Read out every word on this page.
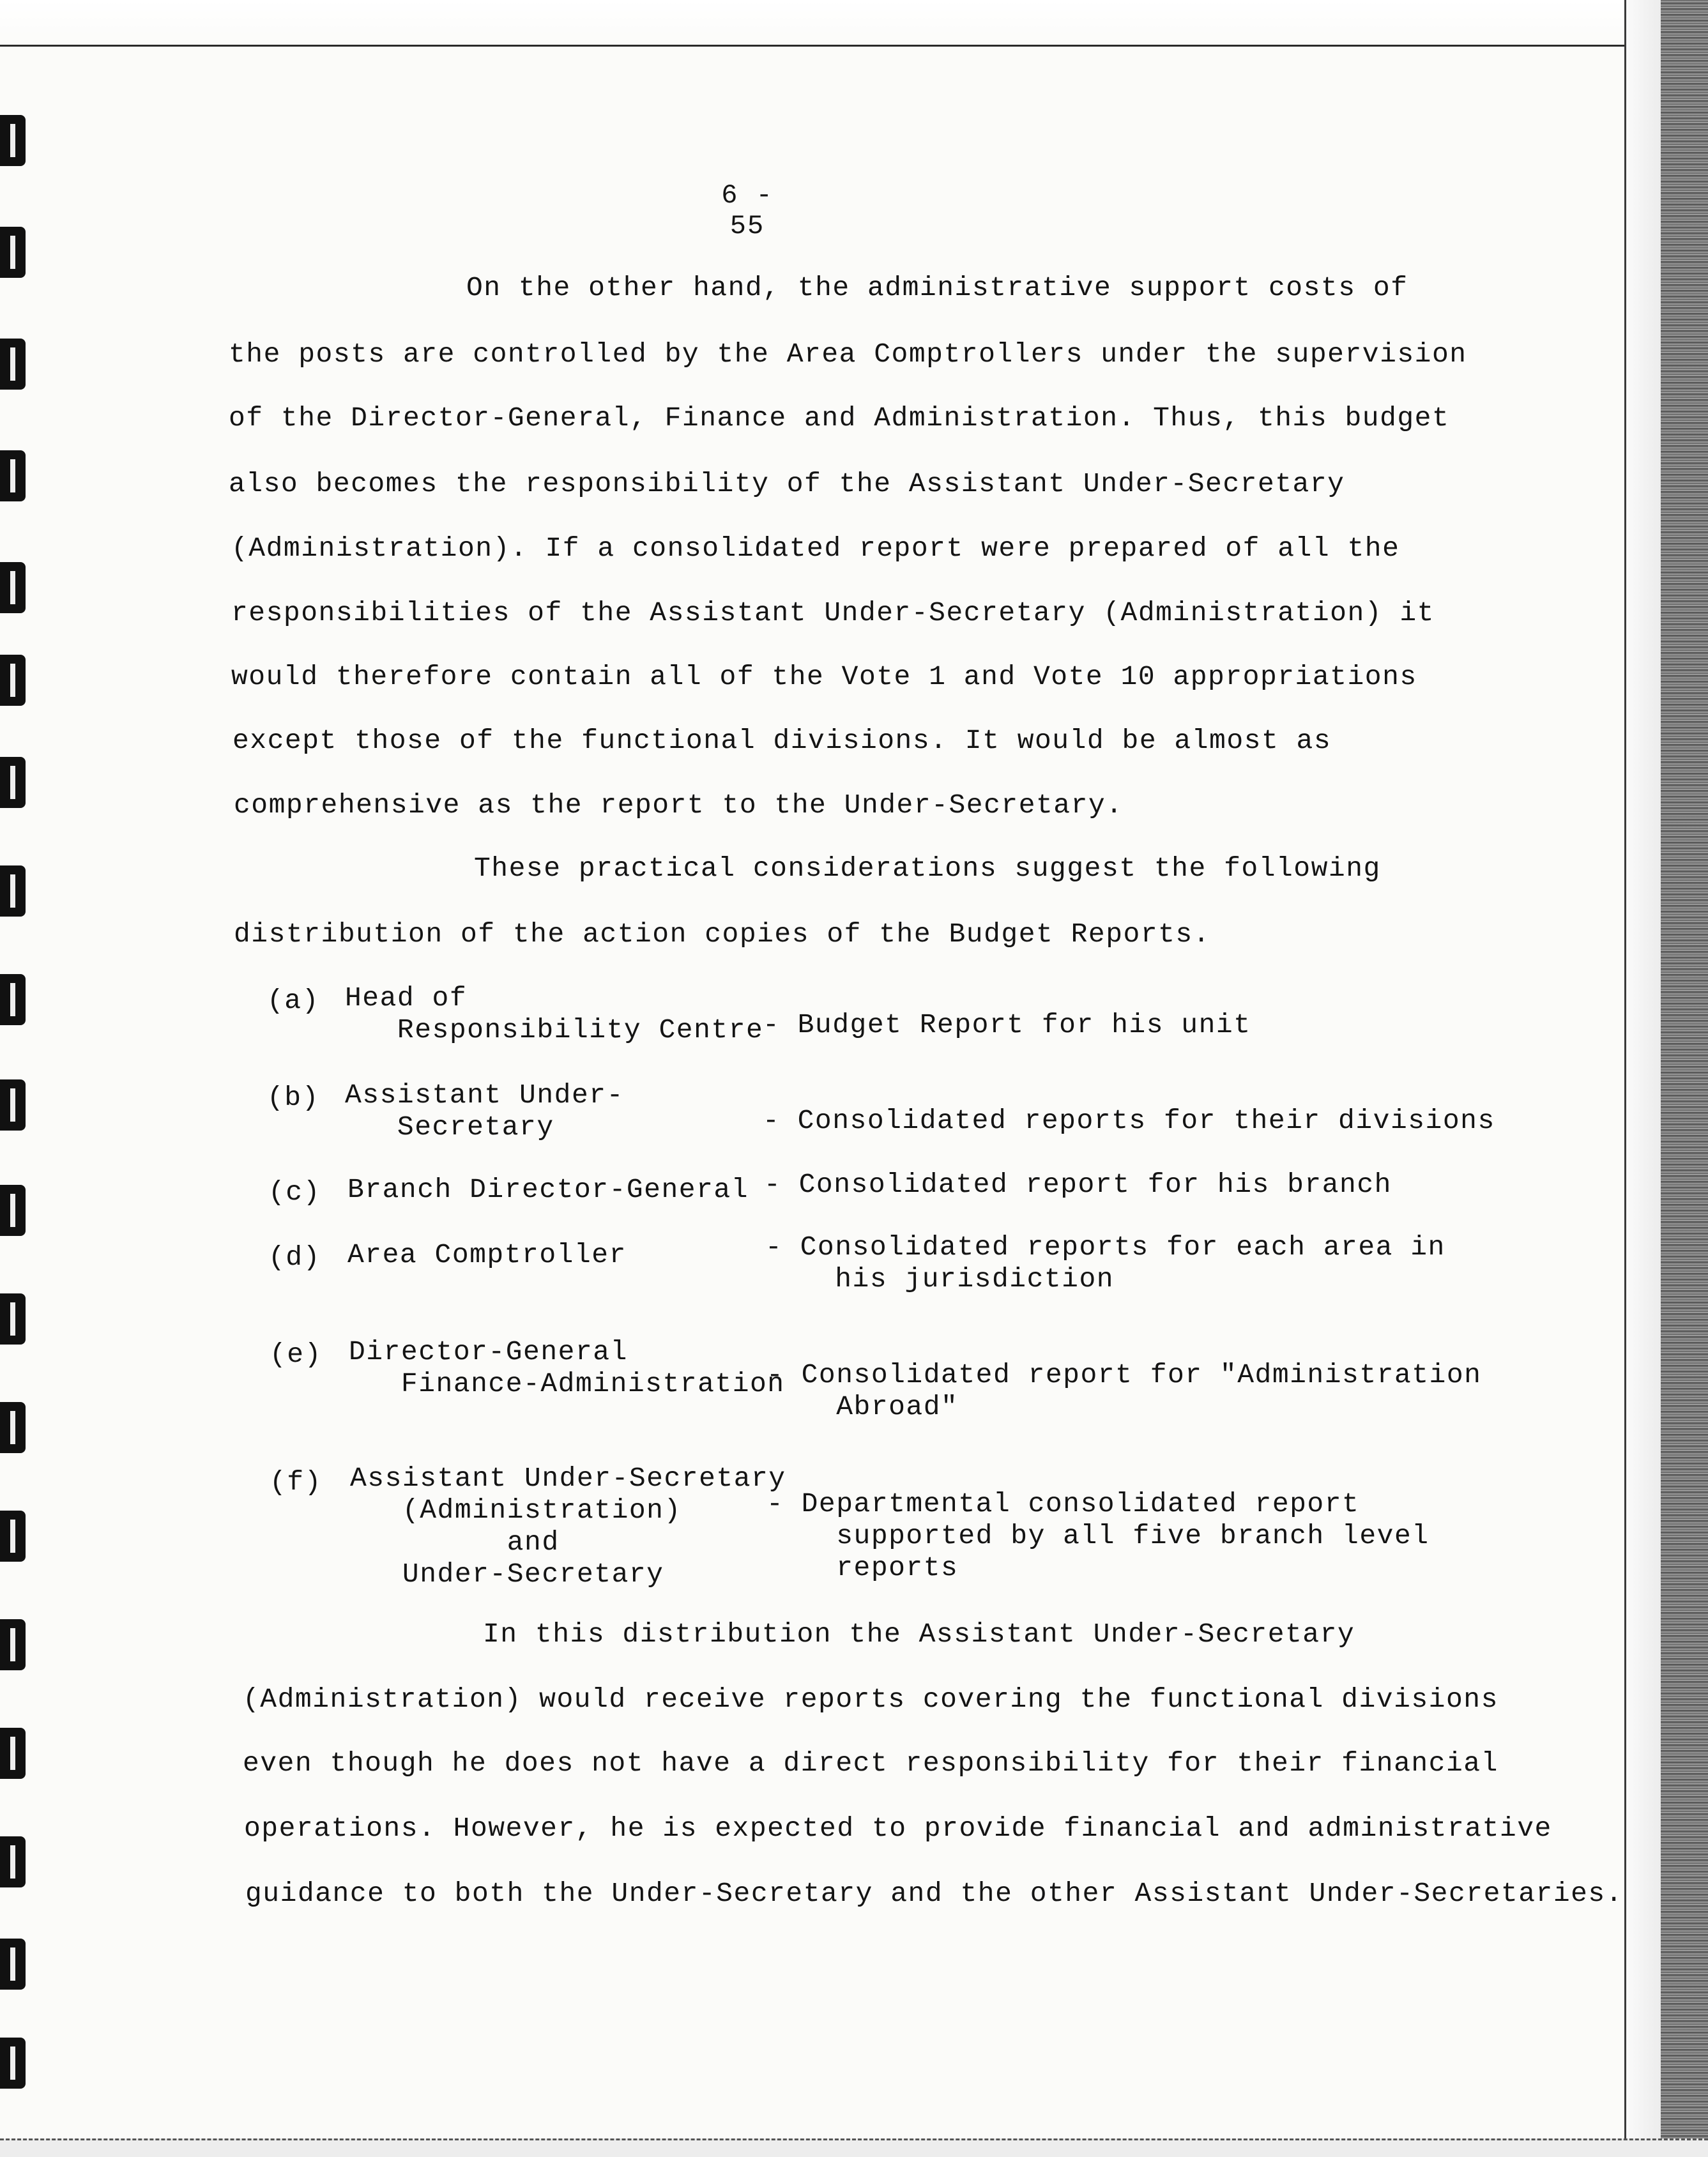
6 - 55
On the other hand, the administrative support costs of
the posts are controlled by the Area Comptrollers under the supervision
of the Director-General, Finance and Administration. Thus, this budget
also becomes the responsibility of the Assistant Under-Secretary
(Administration). If a consolidated report were prepared of all the
responsibilities of the Assistant Under-Secretary (Administration) it
would therefore contain all of the Vote 1 and Vote 10 appropriations
except those of the functional divisions. It would be almost as
comprehensive as the report to the Under-Secretary.
These practical considerations suggest the following
distribution of the action copies of the Budget Reports.
(a) Head of
Responsibility Centre
- Budget Report for his unit
(b) Assistant Under-
Secretary	- Consolidated reports for their divisions
(c) Branch Director-General - Consolidated report for his branch
(d) Area Comptroller	- Consolidated reports for each area in
his jurisdiction
(e) Director-General
Finance-Administration
- Consolidated report for "Administration
Abroad"
(f) Assistant Under-Secretary
(Administration)
and
Under-Secretary
- Departmental consolidated report
supported by all five branch level
reports
In this distribution the Assistant Under-Secretary
(Administration) would receive reports covering the functional divisions
even though he does not have a direct responsibility for their financial
operations. However, he is expected to provide financial and administrative
guidance to both the Under-Secretary and the other Assistant Under-Secretaries.
